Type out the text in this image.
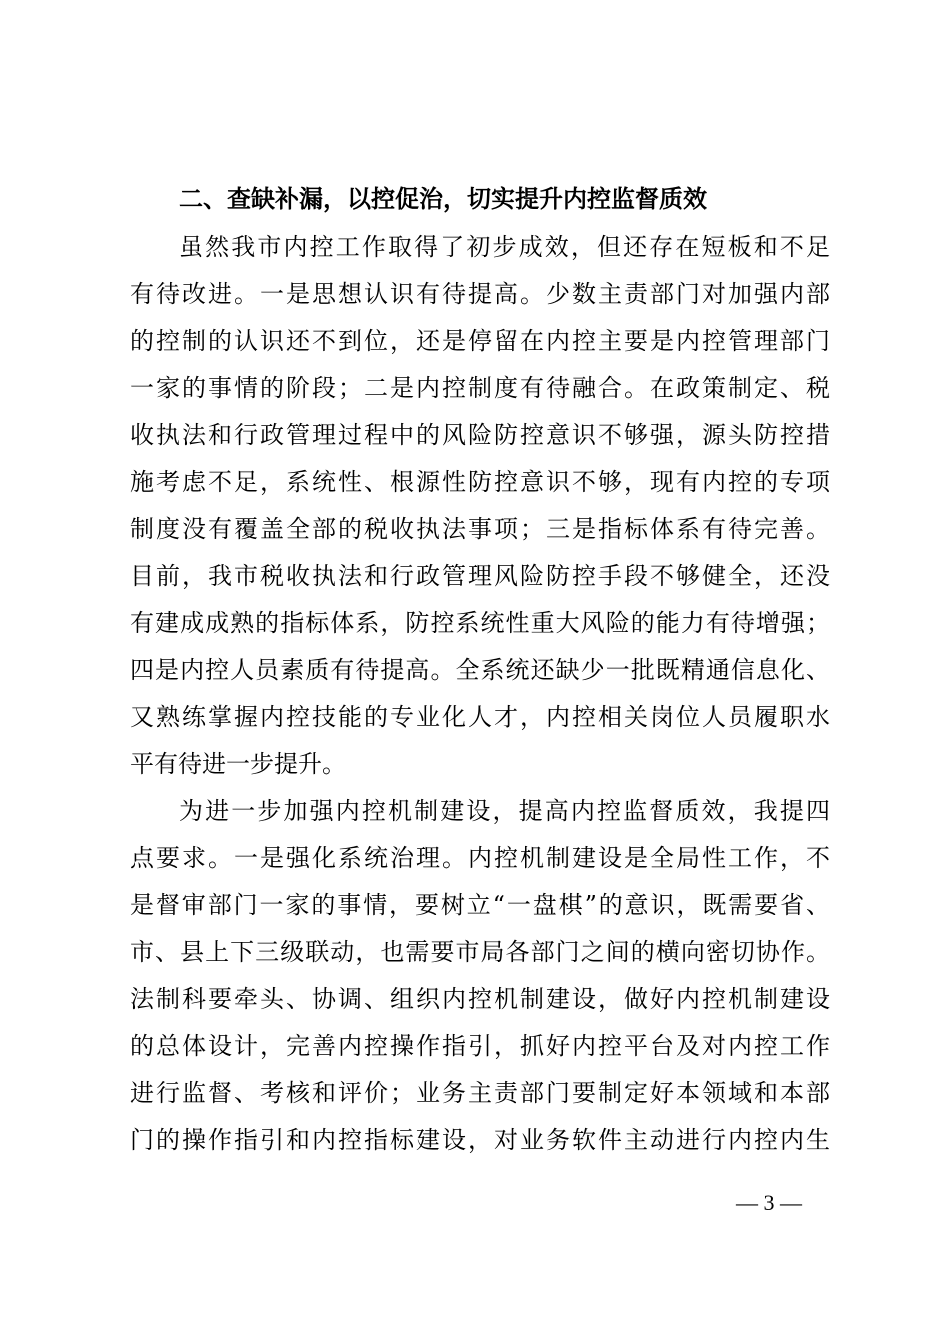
二、查缺补漏，以控促治，切实提升内控监督质效

虽然我市内控工作取得了初步成效，但还存在短板和不足

有待改进。一是思想认识有待提高。少数主责部门对加强内部

的控制的认识还不到位，还是停留在内控主要是内控管理部门

一家的事情的阶段；二是内控制度有待融合。在政策制定、税

收执法和行政管理过程中的风险防控意识不够强，源头防控措

施考虑不足，系统性、根源性防控意识不够，现有内控的专项

制度没有覆盖全部的税收执法事项；三是指标体系有待完善。

目前，我市税收执法和行政管理风险防控手段不够健全，还没

有建成成熟的指标体系，防控系统性重大风险的能力有待增强；

四是内控人员素质有待提高。全系统还缺少一批既精通信息化、

又熟练掌握内控技能的专业化人才，内控相关岗位人员履职水

平有待进一步提升。

为进一步加强内控机制建设，提高内控监督质效，我提四

点要求。一是强化系统治理。内控机制建设是全局性工作，不

是督审部门一家的事情，要树立“一盘棋”的意识，既需要省、

市、县上下三级联动，也需要市局各部门之间的横向密切协作。

法制科要牵头、协调、组织内控机制建设，做好内控机制建设

的总体设计，完善内控操作指引，抓好内控平台及对内控工作

进行监督、考核和评价；业务主责部门要制定好本领域和本部

门的操作指引和内控指标建设，对业务软件主动进行内控内生

— 3 —
